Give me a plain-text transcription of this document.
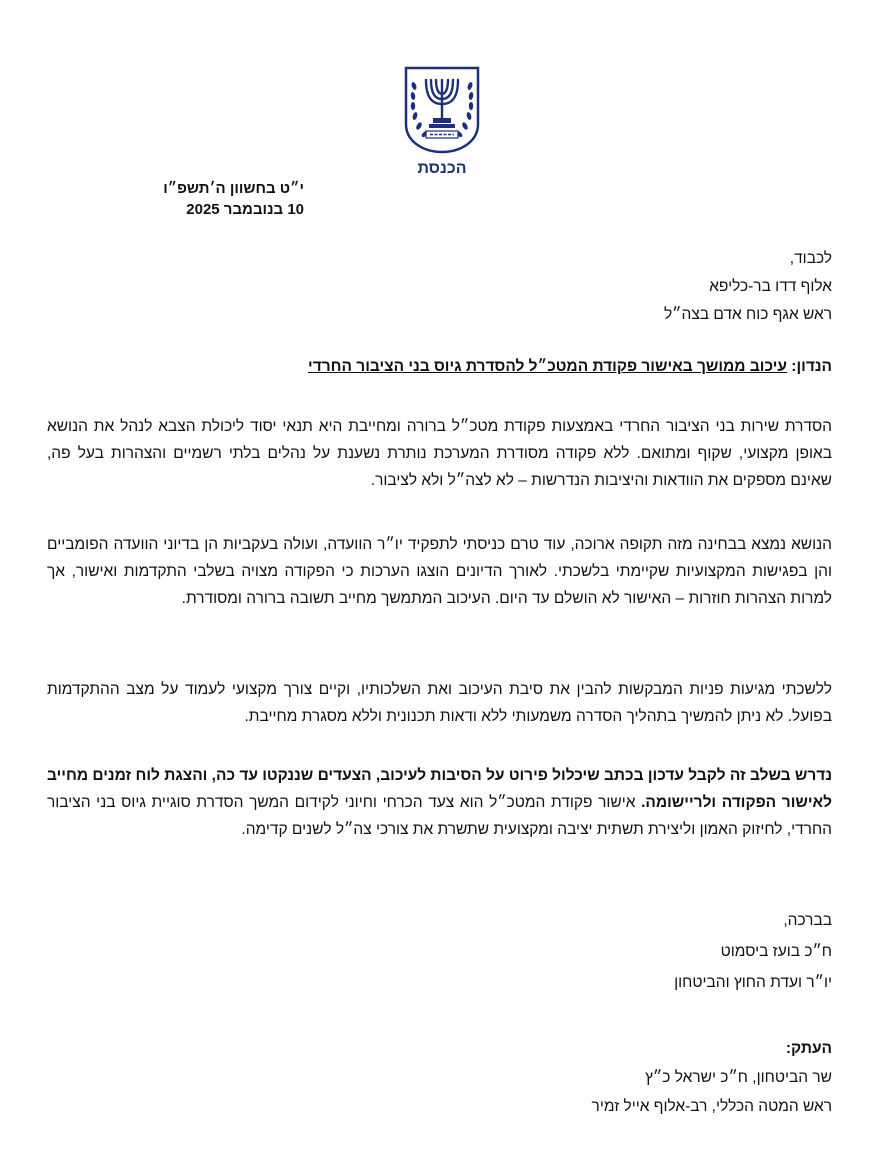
הכנסת
י״ט בחשוון ה׳תשפ״ו
10 בנובמבר 2025
לכבוד,
אלוף דדו בר-כליפא
ראש אגף כוח אדם בצה״ל
הנדון: עיכוב ממושך באישור פקודת המטכ״ל להסדרת גיוס בני הציבור החרדי
הסדרת שירות בני הציבור החרדי באמצעות פקודת מטכ״ל ברורה ומחייבת היא תנאי יסוד ליכולת הצבא לנהל את הנושא באופן מקצועי, שקוף ומתואם. ללא פקודה מסודרת המערכת נותרת נשענת על נהלים בלתי רשמיים והצהרות בעל פה, שאינם מספקים את הוודאות והיציבות הנדרשות – לא לצה״ל ולא לציבור.
הנושא נמצא בבחינה מזה תקופה ארוכה, עוד טרם כניסתי לתפקיד יו״ר הוועדה, ועולה בעקביות הן בדיוני הוועדה הפומביים והן בפגישות המקצועיות שקיימתי בלשכתי. לאורך הדיונים הוצגו הערכות כי הפקודה מצויה בשלבי התקדמות ואישור, אך למרות הצהרות חוזרות – האישור לא הושלם עד היום. העיכוב המתמשך מחייב תשובה ברורה ומסודרת.
ללשכתי מגיעות פניות המבקשות להבין את סיבת העיכוב ואת השלכותיו, וקיים צורך מקצועי לעמוד על מצב ההתקדמות בפועל. לא ניתן להמשיך בתהליך הסדרה משמעותי ללא ודאות תכנונית וללא מסגרת מחייבת.
נדרש בשלב זה לקבל עדכון בכתב שיכלול פירוט על הסיבות לעיכוב, הצעדים שננקטו עד כה, והצגת לוח זמנים מחייב לאישור הפקודה ולריישומה. אישור פקודת המטכ״ל הוא צעד הכרחי וחיוני לקידום המשך הסדרת סוגיית גיוס בני הציבור החרדי, לחיזוק האמון וליצירת תשתית יציבה ומקצועית שתשרת את צורכי צה״ל לשנים קדימה.
בברכה,
ח״כ בועז ביסמוט
יו״ר ועדת החוץ והביטחון
העתק:
שר הביטחון, ח״כ ישראל כ״ץ
ראש המטה הכללי, רב-אלוף אייל זמיר
